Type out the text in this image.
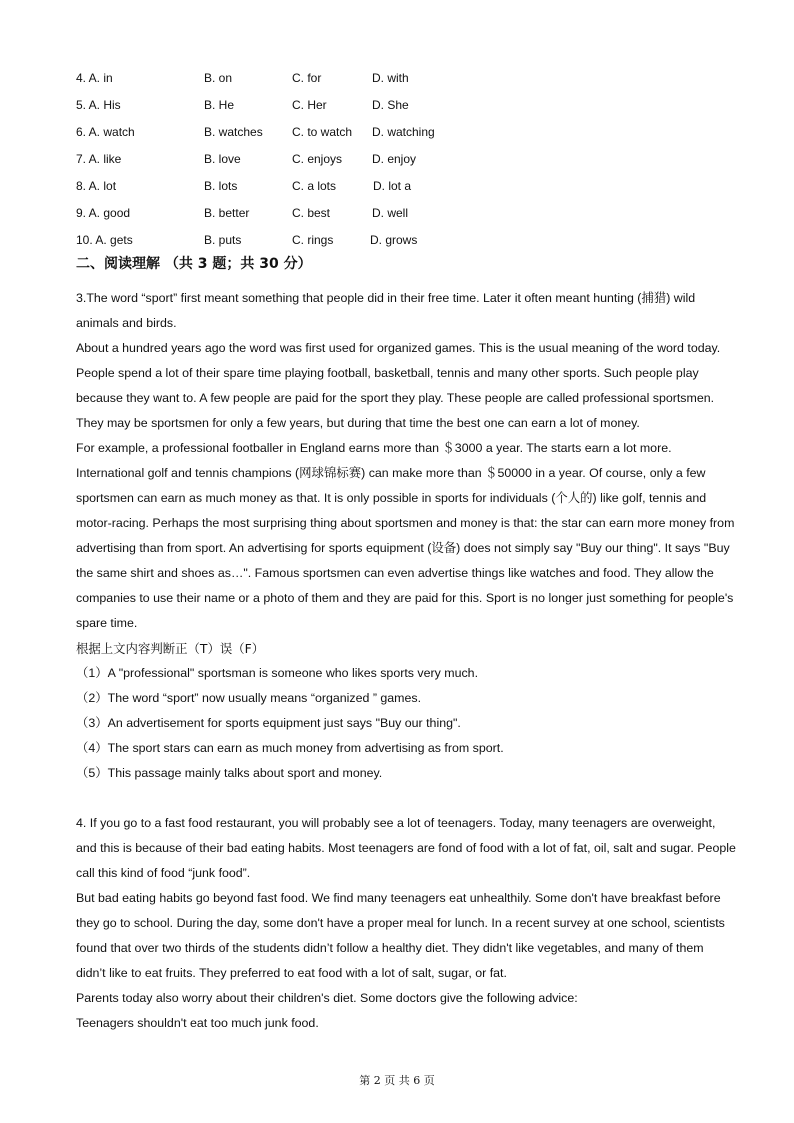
4. A. in	B. on	C. for	D. with
5. A. His	B. He	C. Her	D. She
6. A. watch	B. watches C. to watch D. watching
7. A. like	B. love	C. enjoys D. enjoy
8. A. lot	B. lots	C. a lots	D. lot a
9. A. good	B. better	C. best	D. well
10. A. gets	B. puts	C. rings	D. grows
二、阅读理解 （共 3 题；共 30 分）

3.The word “sport” first meant something that people did in their free time. Later it often meant hunting (捕猎) wild animals and birds.

About a hundred years ago the word was first used for organized games. This is the usual meaning of the word today. People spend a lot of their spare time playing football, basketball, tennis and many other sports. Such people play because they want to. A few people are paid for the sport they play. These people are called professional sportsmen. They may be sportsmen for only a few years, but during that time the best one can earn a lot of money.

For example, a professional footballer in England earns more than ＄3000 a year. The starts earn a lot more. International golf and tennis champions (网球锦标赛) can make more than ＄50000 in a year. Of course, only a few sportsmen can earn as much money as that. It is only possible in sports for individuals (个人的) like golf, tennis and motor-racing. Perhaps the most surprising thing about sportsmen and money is that: the star can earn more money from advertising than from sport. An advertising for sports equipment (设备) does not simply say "Buy our thing". It says "Buy the same shirt and shoes as…". Famous sportsmen can even advertise things like watches and food. They allow the companies to use their name or a photo of them and they are paid for this. Sport is no longer just something for people's spare time.

根据上文内容判断正（T）误（F）

（1）A "professional" sportsman is someone who likes sports very much.

（2）The word “sport” now usually means “organized ” games.

（3）An advertisement for sports equipment just says "Buy our thing".

（4）The sport stars can earn as much money from advertising as from sport.

（5）This passage mainly talks about sport and money.

4. If you go to a fast food restaurant, you will probably see a lot of teenagers. Today, many teenagers are overweight, and this is because of their bad eating habits. Most teenagers are fond of food with a lot of fat, oil, salt and sugar. People call this kind of food “junk food”.

But bad eating habits go beyond fast food. We find many teenagers eat unhealthily. Some don't have breakfast before they go to school. During the day, some don't have a proper meal for lunch. In a recent survey at one school, scientists found that over two thirds of the students didn’t follow a healthy diet. They didn't like vegetables, and many of them didn’t like to eat fruits. They preferred to eat food with a lot of salt, sugar, or fat.

Parents today also worry about their children's diet. Some doctors give the following advice:

Teenagers shouldn't eat too much junk food.

第 2 页 共 6 页
